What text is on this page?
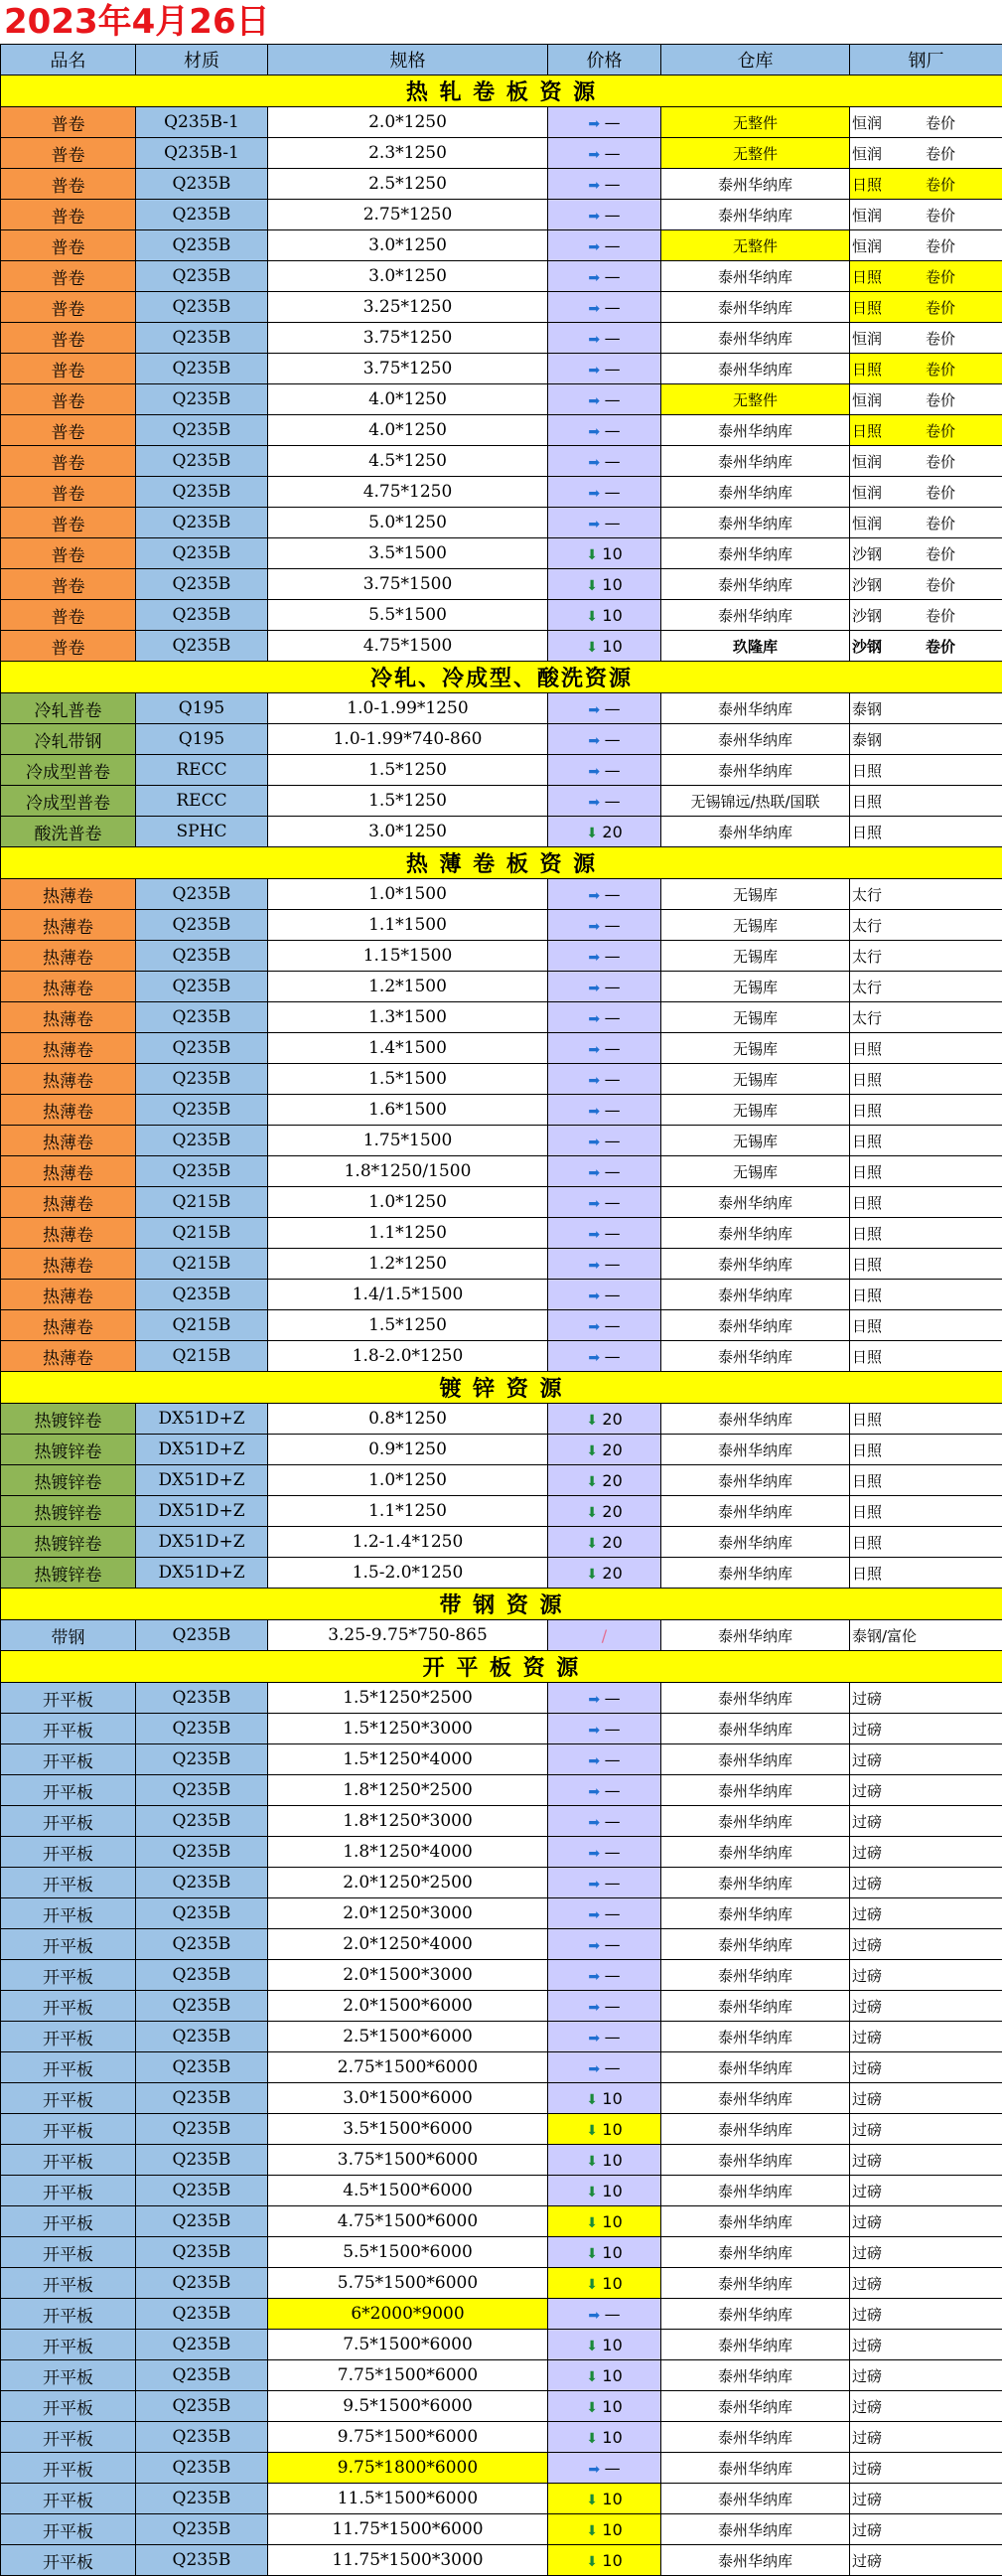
2023年4月26日
品名	材质	规格	价格	仓库	钢厂
热 轧 卷 板 资 源					
普卷	Q235B-1	2.0*1250	➡ —	无整件	恒润 卷价
普卷	Q235B-1	2.3*1250	➡ —	无整件	恒润 卷价
普卷	Q235B	2.5*1250	➡ —	泰州华纳库	日照 卷价
普卷	Q235B	2.75*1250	➡ —	泰州华纳库	恒润 卷价
普卷	Q235B	3.0*1250	➡ —	无整件	恒润 卷价
普卷	Q235B	3.0*1250	➡ —	泰州华纳库	日照 卷价
普卷	Q235B	3.25*1250	➡ —	泰州华纳库	日照 卷价
普卷	Q235B	3.75*1250	➡ —	泰州华纳库	恒润 卷价
普卷	Q235B	3.75*1250	➡ —	泰州华纳库	日照 卷价
普卷	Q235B	4.0*1250	➡ —	无整件	恒润 卷价
普卷	Q235B	4.0*1250	➡ —	泰州华纳库	日照 卷价
普卷	Q235B	4.5*1250	➡ —	泰州华纳库	恒润 卷价
普卷	Q235B	4.75*1250	➡ —	泰州华纳库	恒润 卷价
普卷	Q235B	5.0*1250	➡ —	泰州华纳库	恒润 卷价
普卷	Q235B	3.5*1500	⬇ 10	泰州华纳库	沙钢 卷价
普卷	Q235B	3.75*1500	⬇ 10	泰州华纳库	沙钢 卷价
普卷	Q235B	5.5*1500	⬇ 10	泰州华纳库	沙钢 卷价
普卷	Q235B	4.75*1500	⬇ 10	玖隆库	沙钢 卷价
冷轧、冷成型、酸洗资源					
冷轧普卷	Q195	1.0-1.99*1250	➡ —	泰州华纳库	泰钢
冷轧带钢	Q195	1.0-1.99*740-860	➡ —	泰州华纳库	泰钢
冷成型普卷	RECC	1.5*1250	➡ —	泰州华纳库	日照
冷成型普卷	RECC	1.5*1250	➡ —	无锡锦远/热联/国联	日照
酸洗普卷	SPHC	3.0*1250	⬇ 20	泰州华纳库	日照
热 薄 卷 板 资 源					
热薄卷	Q235B	1.0*1500	➡ —	无锡库	太行
热薄卷	Q235B	1.1*1500	➡ —	无锡库	太行
热薄卷	Q235B	1.15*1500	➡ —	无锡库	太行
热薄卷	Q235B	1.2*1500	➡ —	无锡库	太行
热薄卷	Q235B	1.3*1500	➡ —	无锡库	太行
热薄卷	Q235B	1.4*1500	➡ —	无锡库	日照
热薄卷	Q235B	1.5*1500	➡ —	无锡库	日照
热薄卷	Q235B	1.6*1500	➡ —	无锡库	日照
热薄卷	Q235B	1.75*1500	➡ —	无锡库	日照
热薄卷	Q235B	1.8*1250/1500	➡ —	无锡库	日照
热薄卷	Q215B	1.0*1250	➡ —	泰州华纳库	日照
热薄卷	Q215B	1.1*1250	➡ —	泰州华纳库	日照
热薄卷	Q215B	1.2*1250	➡ —	泰州华纳库	日照
热薄卷	Q235B	1.4/1.5*1500	➡ —	泰州华纳库	日照
热薄卷	Q215B	1.5*1250	➡ —	泰州华纳库	日照
热薄卷	Q215B	1.8-2.0*1250	➡ —	泰州华纳库	日照
镀 锌 资 源					
热镀锌卷	DX51D+Z	0.8*1250	⬇ 20	泰州华纳库	日照
热镀锌卷	DX51D+Z	0.9*1250	⬇ 20	泰州华纳库	日照
热镀锌卷	DX51D+Z	1.0*1250	⬇ 20	泰州华纳库	日照
热镀锌卷	DX51D+Z	1.1*1250	⬇ 20	泰州华纳库	日照
热镀锌卷	DX51D+Z	1.2-1.4*1250	⬇ 20	泰州华纳库	日照
热镀锌卷	DX51D+Z	1.5-2.0*1250	⬇ 20	泰州华纳库	日照
带 钢 资 源					
带钢	Q235B	3.25-9.75*750-865	/	泰州华纳库	泰钢/富伦
开 平 板 资 源					
开平板	Q235B	1.5*1250*2500	➡ —	泰州华纳库	过磅
开平板	Q235B	1.5*1250*3000	➡ —	泰州华纳库	过磅
开平板	Q235B	1.5*1250*4000	➡ —	泰州华纳库	过磅
开平板	Q235B	1.8*1250*2500	➡ —	泰州华纳库	过磅
开平板	Q235B	1.8*1250*3000	➡ —	泰州华纳库	过磅
开平板	Q235B	1.8*1250*4000	➡ —	泰州华纳库	过磅
开平板	Q235B	2.0*1250*2500	➡ —	泰州华纳库	过磅
开平板	Q235B	2.0*1250*3000	➡ —	泰州华纳库	过磅
开平板	Q235B	2.0*1250*4000	➡ —	泰州华纳库	过磅
开平板	Q235B	2.0*1500*3000	➡ —	泰州华纳库	过磅
开平板	Q235B	2.0*1500*6000	➡ —	泰州华纳库	过磅
开平板	Q235B	2.5*1500*6000	➡ —	泰州华纳库	过磅
开平板	Q235B	2.75*1500*6000	➡ —	泰州华纳库	过磅
开平板	Q235B	3.0*1500*6000	⬇ 10	泰州华纳库	过磅
开平板	Q235B	3.5*1500*6000	⬇ 10	泰州华纳库	过磅
开平板	Q235B	3.75*1500*6000	⬇ 10	泰州华纳库	过磅
开平板	Q235B	4.5*1500*6000	⬇ 10	泰州华纳库	过磅
开平板	Q235B	4.75*1500*6000	⬇ 10	泰州华纳库	过磅
开平板	Q235B	5.5*1500*6000	⬇ 10	泰州华纳库	过磅
开平板	Q235B	5.75*1500*6000	⬇ 10	泰州华纳库	过磅
开平板	Q235B	6*2000*9000	➡ —	泰州华纳库	过磅
开平板	Q235B	7.5*1500*6000	⬇ 10	泰州华纳库	过磅
开平板	Q235B	7.75*1500*6000	⬇ 10	泰州华纳库	过磅
开平板	Q235B	9.5*1500*6000	⬇ 10	泰州华纳库	过磅
开平板	Q235B	9.75*1500*6000	⬇ 10	泰州华纳库	过磅
开平板	Q235B	9.75*1800*6000	➡ —	泰州华纳库	过磅
开平板	Q235B	11.5*1500*6000	⬇ 10	泰州华纳库	过磅
开平板	Q235B	11.75*1500*6000	⬇ 10	泰州华纳库	过磅
开平板	Q235B	11.75*1500*3000	⬇ 10	泰州华纳库	过磅
